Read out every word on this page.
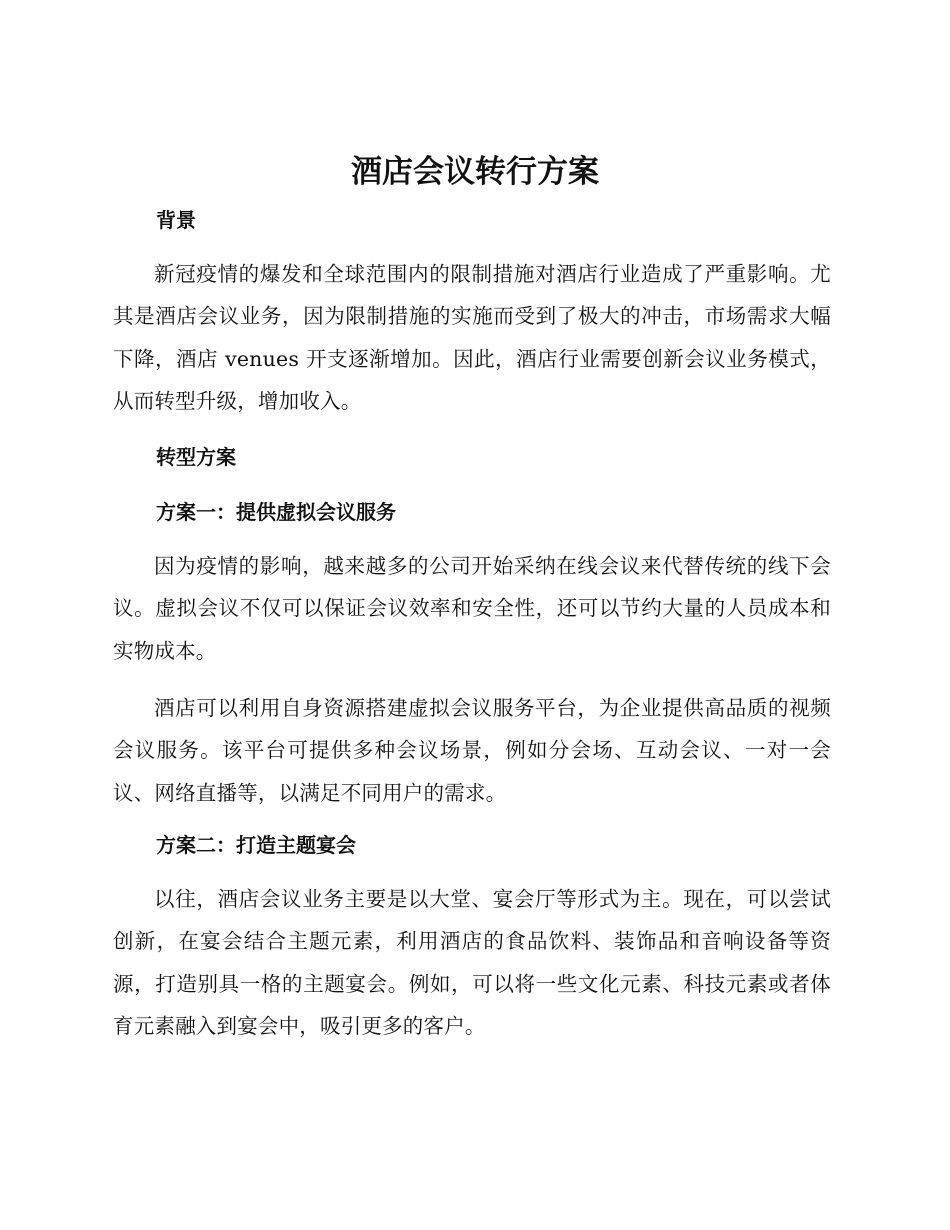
酒店会议转行方案
背景

新冠疫情的爆发和全球范围内的限制措施对酒店行业造成了严重影响。尤其是酒店会议业务，因为限制措施的实施而受到了极大的冲击，市场需求大幅下降，酒店 venues 开支逐渐增加。因此，酒店行业需要创新会议业务模式，从而转型升级，增加收入。

转型方案
方案一：提供虚拟会议服务

因为疫情的影响，越来越多的公司开始采纳在线会议来代替传统的线下会议。虚拟会议不仅可以保证会议效率和安全性，还可以节约大量的人员成本和实物成本。

酒店可以利用自身资源搭建虚拟会议服务平台，为企业提供高品质的视频会议服务。该平台可提供多种会议场景，例如分会场、互动会议、一对一会议、网络直播等，以满足不同用户的需求。

方案二：打造主题宴会

以往，酒店会议业务主要是以大堂、宴会厅等形式为主。现在，可以尝试创新，在宴会结合主题元素，利用酒店的食品饮料、装饰品和音响设备等资源，打造别具一格的主题宴会。例如，可以将一些文化元素、科技元素或者体育元素融入到宴会中，吸引更多的客户。
